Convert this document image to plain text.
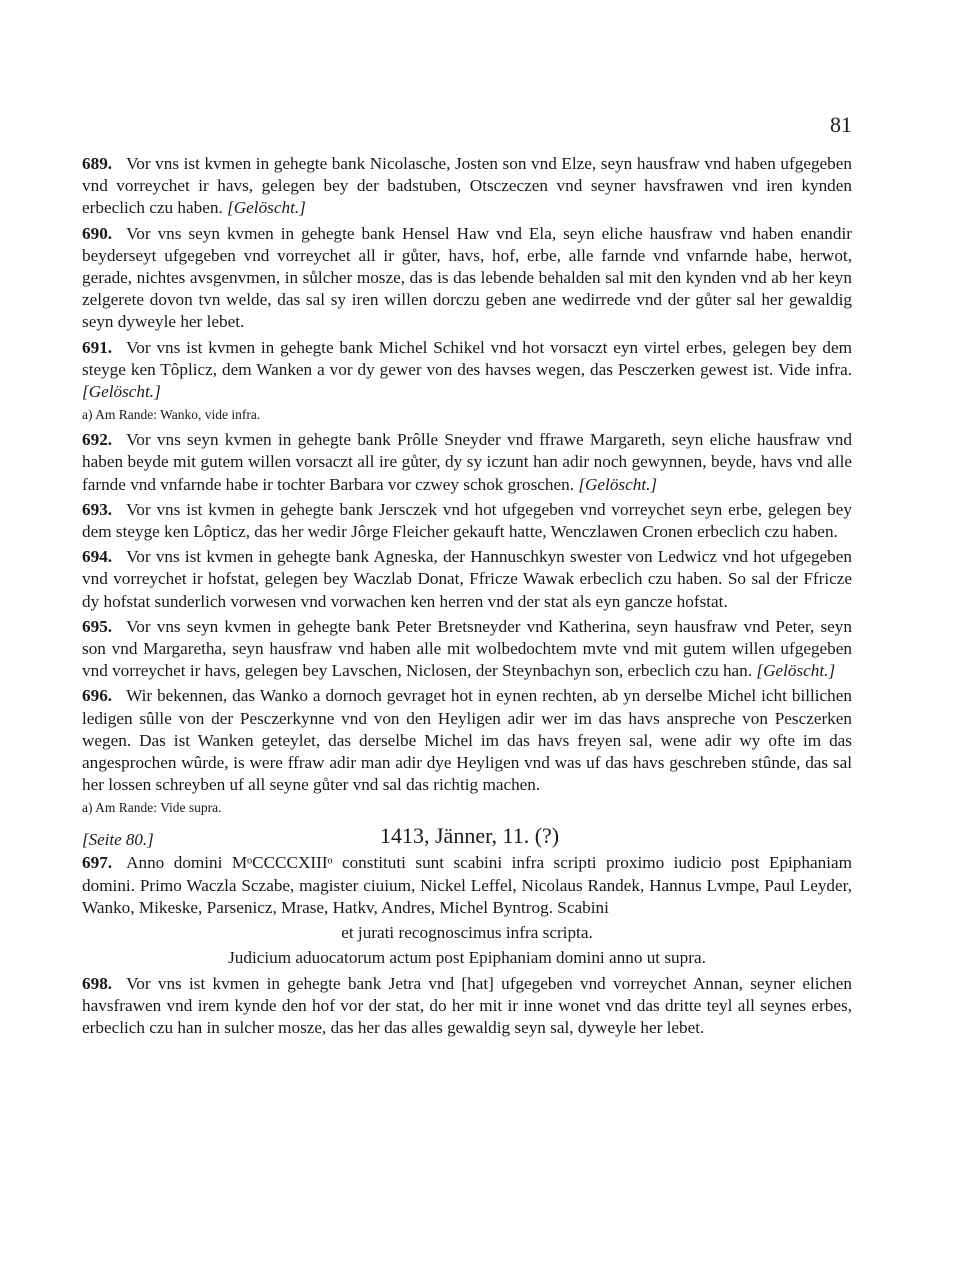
81

689. Vor vns ist kvmen in gehegte bank Nicolasche, Josten son vnd Elze, seyn hausfraw vnd haben ufgegeben vnd vorreychet ir havs, gelegen bey der badstuben, Otsczeczen vnd seyner havsfrawen vnd iren kynden erbeclich czu haben. [Gelöscht.]

690. Vor vns seyn kvmen in gehegte bank Hensel Haw vnd Ela, seyn eliche hausfraw vnd haben enandir beyderseyt ufgegeben vnd vorreychet all ir gůter, havs, hof, erbe, alle farnde vnd vnfarnde habe, herwot, gerade, nichtes avsgenvmen, in sůlcher mosze, das is das lebende behalden sal mit den kynden vnd ab her keyn zelgerete dovon tvn welde, das sal sy iren willen dorczu geben ane wedirrede vnd der gůter sal her gewaldig seyn dyweyle her lebet.

691. Vor vns ist kvmen in gehegte bank Michel Schikel vnd hot vorsaczt eyn virtel erbes, gelegen bey dem steyge ken Tôplicz, dem Wanken a vor dy gewer von des havses wegen, das Pesczerken gewest ist. Vide infra. [Gelöscht.]

a) Am Rande: Wanko, vide infra.

692. Vor vns seyn kvmen in gehegte bank Prôlle Sneyder vnd ffrawe Margareth, seyn eliche hausfraw vnd haben beyde mit gutem willen vorsaczt all ire gůter, dy sy iczunt han adir noch gewynnen, beyde, havs vnd alle farnde vnd vnfarnde habe ir tochter Barbara vor czwey schok groschen. [Gelöscht.]

693. Vor vns ist kvmen in gehegte bank Jersczek vnd hot ufgegeben vnd vorreychet seyn erbe, gelegen bey dem steyge ken Lôpticz, das her wedir Jôrge Fleicher gekauft hatte, Wenczlawen Cronen erbeclich czu haben.

694. Vor vns ist kvmen in gehegte bank Agneska, der Hannuschkyn swester von Ledwicz vnd hot ufgegeben vnd vorreychet ir hofstat, gelegen bey Waczlab Donat, Ffricze Wawak erbeclich czu haben. So sal der Ffricze dy hofstat sunderlich vorwesen vnd vorwachen ken herren vnd der stat als eyn gancze hofstat.

695. Vor vns seyn kvmen in gehegte bank Peter Bretsneyder vnd Katherina, seyn hausfraw vnd Peter, seyn son vnd Margaretha, seyn hausfraw vnd haben alle mit wolbedochtem mvte vnd mit gutem willen ufgegeben vnd vorreychet ir havs, gelegen bey Lavschen, Niclosen, der Steynbachyn son, erbeclich czu han. [Gelöscht.]

696. Wir bekennen, das Wanko a dornoch gevraget hot in eynen rechten, ab yn derselbe Michel icht billichen ledigen sûlle von der Pesczerkynne vnd von den Heyligen adir wer im das havs anspreche von Pesczerken wegen. Das ist Wanken geteylet, das derselbe Michel im das havs freyen sal, wene adir wy ofte im das angesprochen wûrde, is were ffraw adir man adir dye Heyligen vnd was uf das havs geschreben stûnde, das sal her lossen schreyben uf all seyne gůter vnd sal das richtig machen.

a) Am Rande: Vide supra.

[Seite 80.]	1413, Jänner, 11. (?)

697. Anno domini MᵒCCCCXIIIᵒ constituti sunt scabini infra scripti proximo iudicio post Epiphaniam domini. Primo Waczla Sczabe, magister ciuium, Nickel Leffel, Nicolaus Randek, Hannus Lvmpe, Paul Leyder, Wanko, Mikeske, Parsenicz, Mrase, Hatkv, Andres, Michel Byntrog. Scabini

et jurati recognoscimus infra scripta.

Judicium aduocatorum actum post Epiphaniam domini anno ut supra.

698. Vor vns ist kvmen in gehegte bank Jetra vnd [hat] ufgegeben vnd vorreychet Annan, seyner elichen havsfrawen vnd irem kynde den hof vor der stat, do her mit ir inne wonet vnd das dritte teyl all seynes erbes, erbeclich czu han in sulcher mosze, das her das alles gewaldig seyn sal, dyweyle her lebet.
